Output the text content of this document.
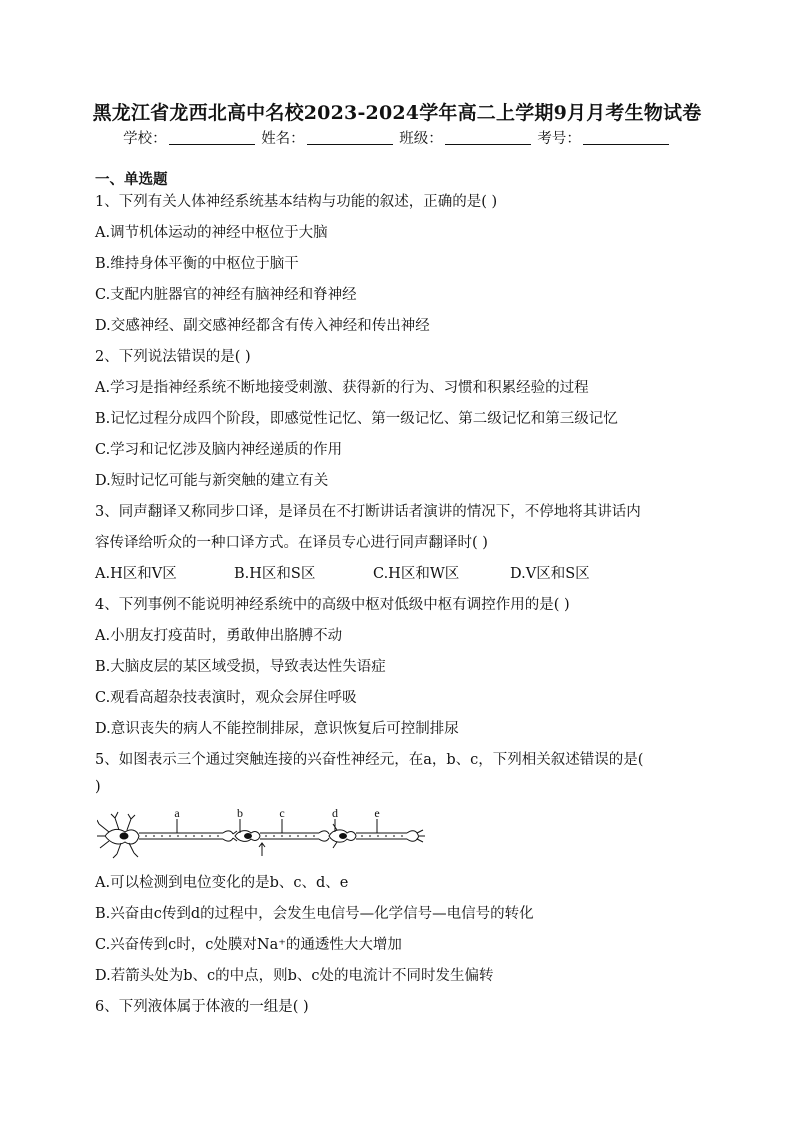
黑龙江省龙西北高中名校2023-2024学年高二上学期9月月考生物试卷
学校：	姓名：	班级：	考号：
一、单选题
1、下列有关人体神经系统基本结构与功能的叙述，正确的是( )
A.调节机体运动的神经中枢位于大脑
B.维持身体平衡的中枢位于脑干
C.支配内脏器官的神经有脑神经和脊神经
D.交感神经、副交感神经都含有传入神经和传出神经
2、下列说法错误的是( )
A.学习是指神经系统不断地接受刺激、获得新的行为、习惯和积累经验的过程
B.记忆过程分成四个阶段，即感觉性记忆、第一级记忆、第二级记忆和第三级记忆
C.学习和记忆涉及脑内神经递质的作用
D.短时记忆可能与新突触的建立有关
3、同声翻译又称同步口译，是译员在不打断讲话者演讲的情况下，不停地将其讲话内
容传译给听众的一种口译方式。在译员专心进行同声翻译时( )
A.H区和V区	B.H区和S区	C.H区和W区	D.V区和S区
4、下列事例不能说明神经系统中的高级中枢对低级中枢有调控作用的是( )
A.小朋友打疫苗时，勇敢伸出胳膊不动
B.大脑皮层的某区域受损，导致表达性失语症
C.观看高超杂技表演时，观众会屏住呼吸
D.意识丧失的病人不能控制排尿，意识恢复后可控制排尿
5、如图表示三个通过突触连接的兴奋性神经元，在a，b、c，下列相关叙述错误的是(
)
a	b	c	d	e
A.可以检测到电位变化的是b、c、d、e
B.兴奋由c传到d的过程中，会发生电信号—化学信号—电信号的转化
C.兴奋传到c时，c处膜对Na⁺的通透性大大增加
D.若箭头处为b、c的中点，则b、c处的电流计不同时发生偏转
6、下列液体属于体液的一组是( )
